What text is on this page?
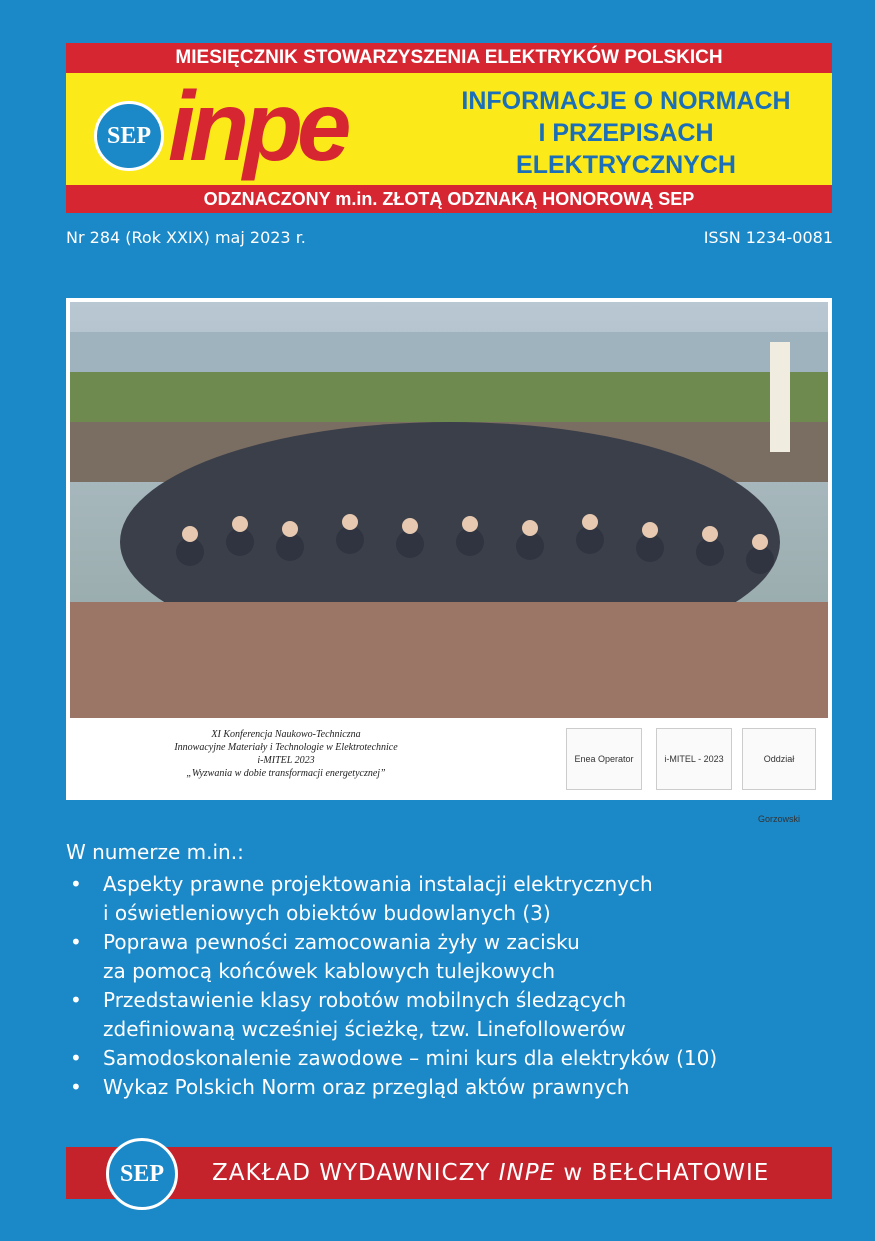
MIESIĘCZNIK STOWARZYSZENIA ELEKTRYKÓW POLSKICH
SEP inpe	INFORMACJE O NORMACH
I PRZEPISACH
ELEKTRYCZNYCH
ODZNACZONY m.in. ZŁOTĄ ODZNAKĄ HONOROWĄ SEP
Nr 284 (Rok XXIX) maj 2023 r.	ISSN 1234-0081
XI Konferencja Naukowo-Techniczna
Innowacyjne Materiały i Technologie w Elektrotechnice
i-MITEL 2023
„Wyzwania w dobie transformacji energetycznej”
Enea Operator	i-MITEL - 2023	Oddział Gorzowski
W numerze m.in.:
• Aspekty prawne projektowania instalacji elektrycznych
i oświetleniowych obiektów budowlanych (3)
• Poprawa pewności zamocowania żyły w zacisku
za pomocą końcówek kablowych tulejkowych
• Przedstawienie klasy robotów mobilnych śledzących
zdefiniowaną wcześniej ścieżkę, tzw. Linefollowerów
• Samodoskonalenie zawodowe – mini kurs dla elektryków (10)
• Wykaz Polskich Norm oraz przegląd aktów prawnych
SEP	ZAKŁAD WYDAWNICZY INPE w BEŁCHATOWIE
